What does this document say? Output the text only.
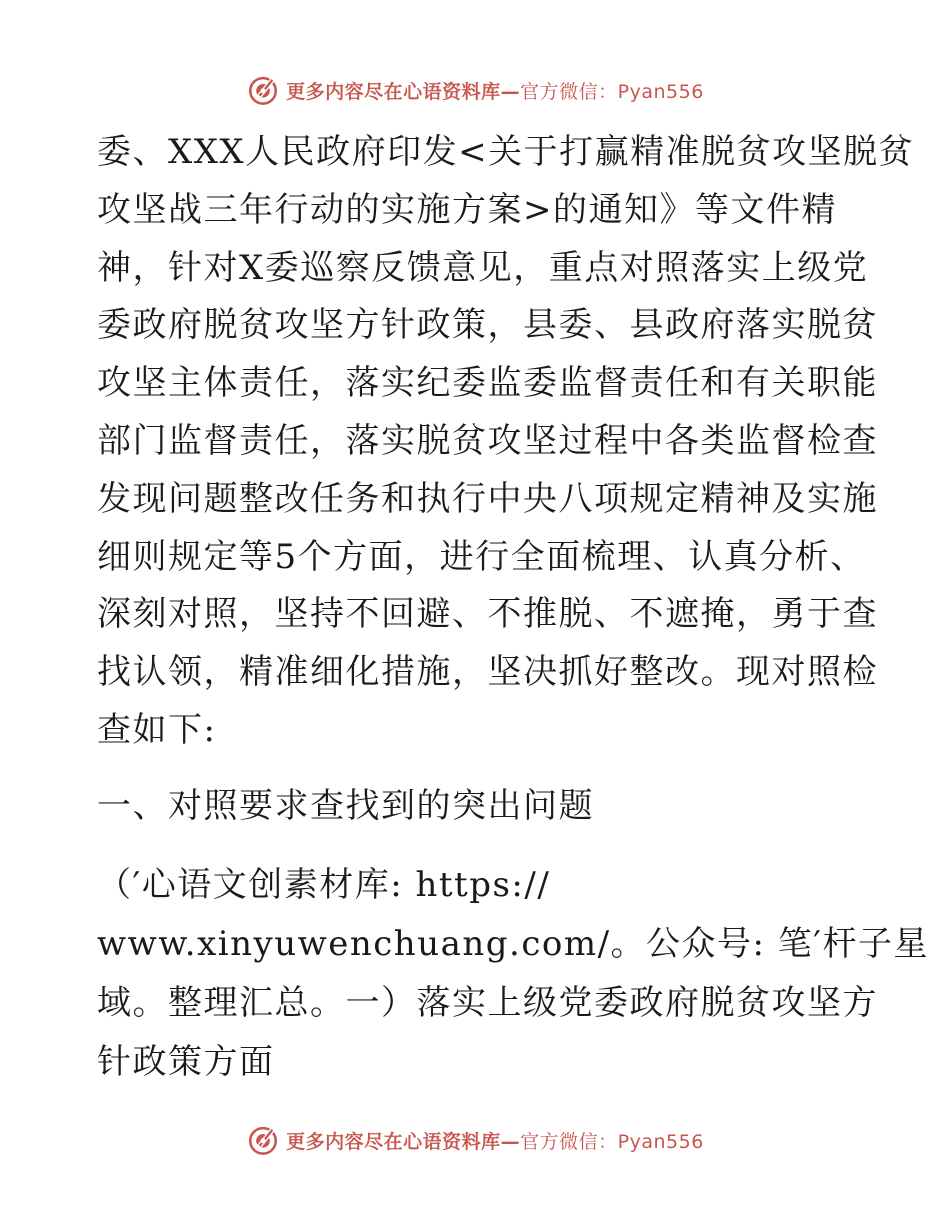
更多内容尽在心语资料库—官方微信：Pyan556

委、XXX人民政府印发<关于打赢精准脱贫攻坚脱贫
攻坚战三年行动的实施方案>的通知》等文件精
神，针对X委巡察反馈意见，重点对照落实上级党
委政府脱贫攻坚方针政策，县委、县政府落实脱贫
攻坚主体责任，落实纪委监委监督责任和有关职能
部门监督责任，落实脱贫攻坚过程中各类监督检查
发现问题整改任务和执行中央八项规定精神及实施
细则规定等5个方面，进行全面梳理、认真分析、
深刻对照，坚持不回避、不推脱、不遮掩，勇于查
找认领，精准细化措施，坚决抓好整改。现对照检
查如下:

一、对照要求查找到的突出问题
（′心语文创素材库: https://
www.xinyuwenchuang.com/。公众号: 笔′杆子星
域。整理汇总。一）落实上级党委政府脱贫攻坚方
针政策方面
更多内容尽在心语资料库—官方微信：Pyan556
